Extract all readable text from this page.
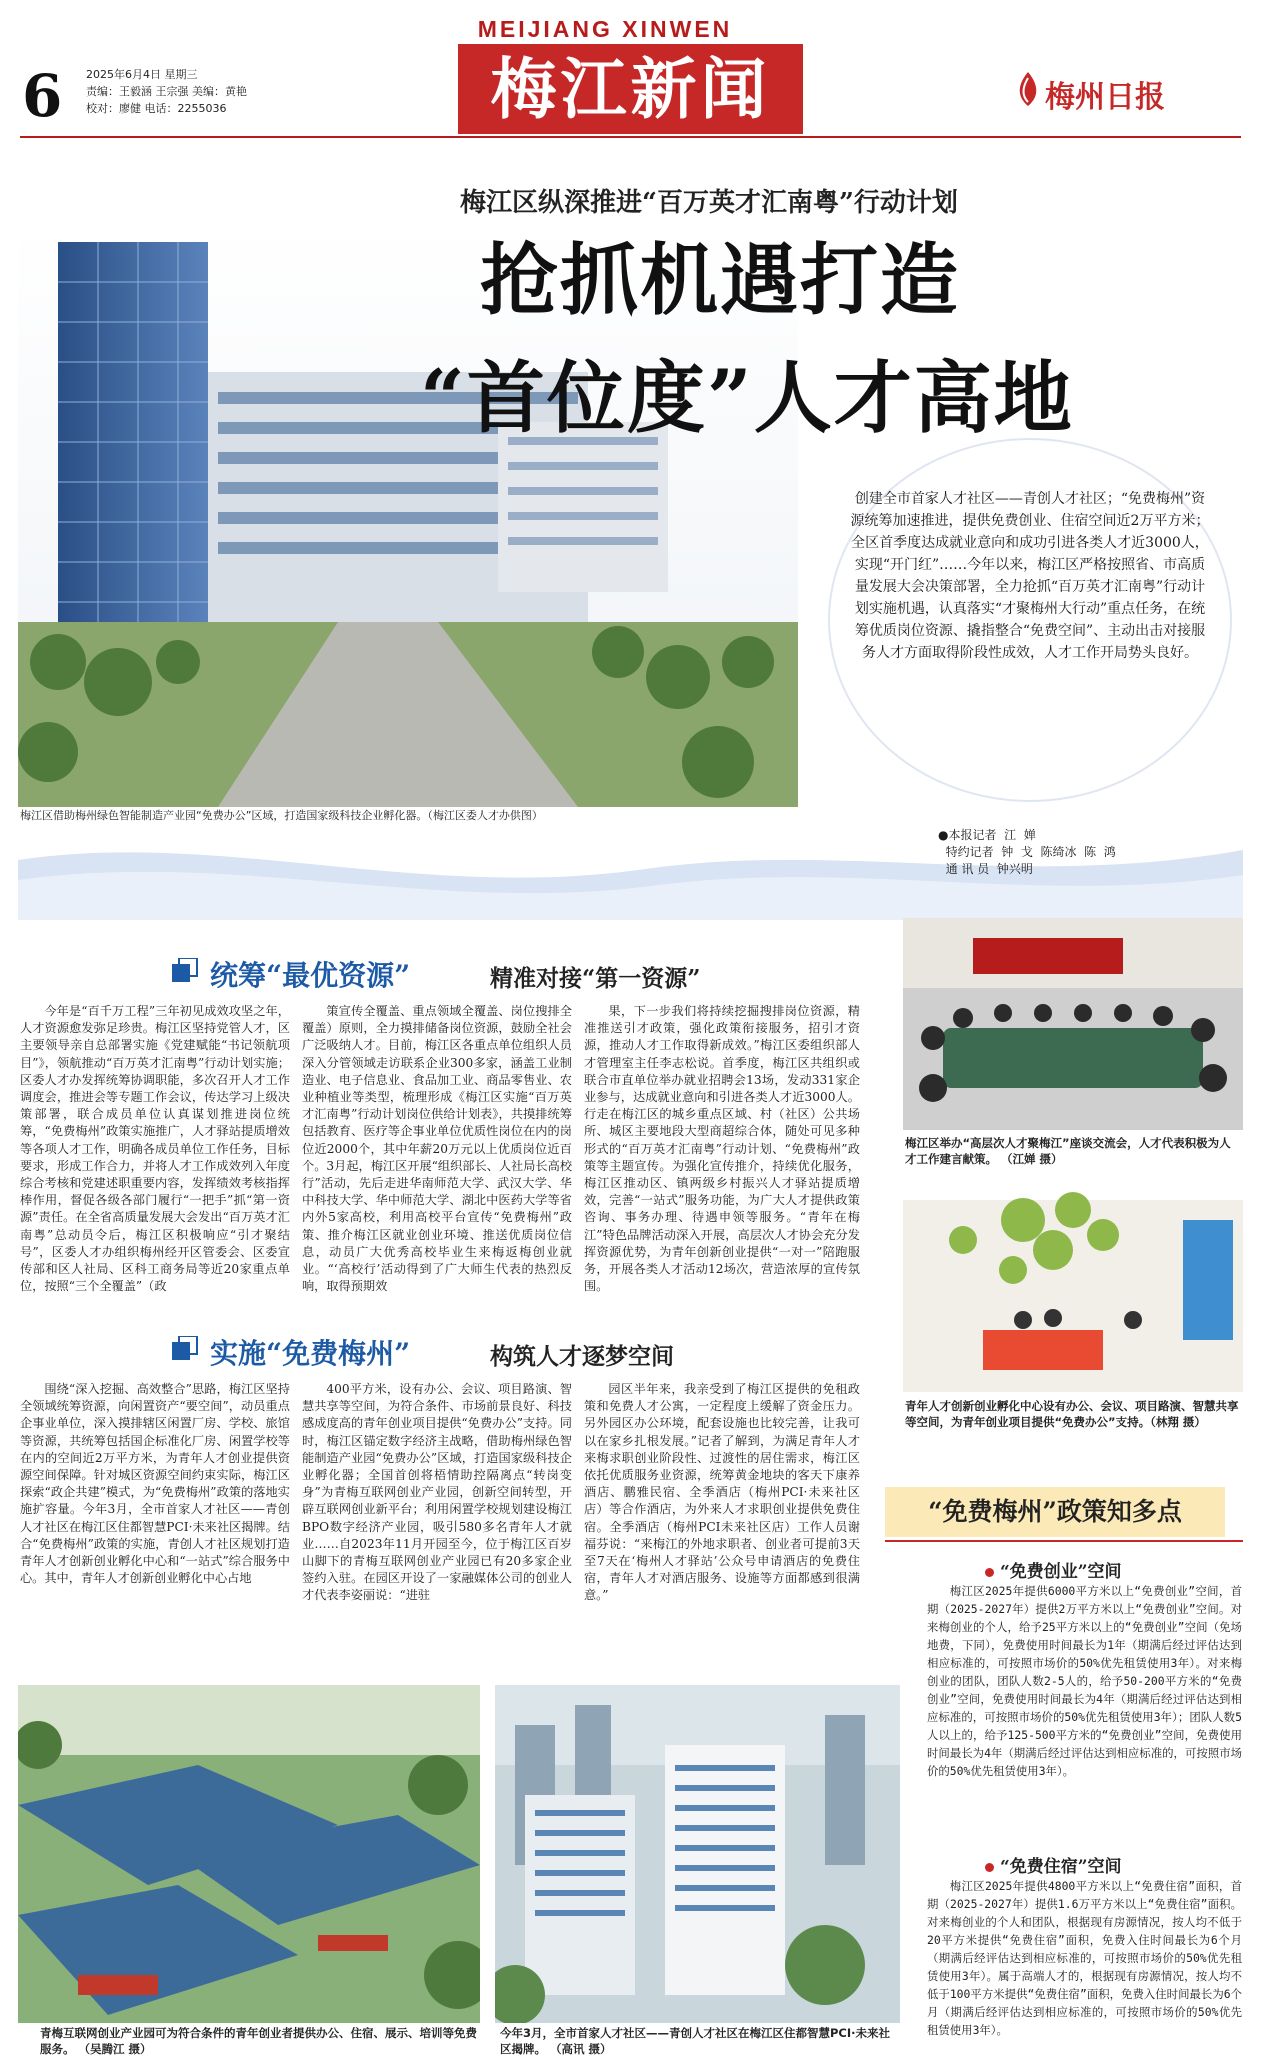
6 2025年6月4日 星期三
责编：王毅涵 王宗强 美编：黄艳
校对：廖健 电话：2255036
MEIJIANG XINWEN
梅江新闻	梅州日报
梅江区借助梅州绿色智能制造产业园“免费办公”区域，打造国家级科技企业孵化器。（梅江区委人才办供图）
梅江区纵深推进“百万英才汇南粤”行动计划
抢抓机遇打造
“首位度”人才高地
创建全市首家人才社区——青创人才社区；“免费梅州”资源统筹加速推进，提供免费创业、住宿空间近2万平方米；全区首季度达成就业意向和成功引进各类人才近3000人，实现“开门红”……今年以来，梅江区严格按照省、市高质量发展大会决策部署，全力抢抓“百万英才汇南粤”行动计划实施机遇，认真落实“才聚梅州大行动”重点任务，在统筹优质岗位资源、撬指整合“免费空间”、主动出击对接服务人才方面取得阶段性成效，人才工作开局势头良好。
●本报记者  江  婵
特约记者  钟  戈  陈绮冰  陈  鸿
通 讯 员  钟兴明
统筹“最优资源”	精准对接“第一资源”

今年是“百千万工程”三年初见成效攻坚之年，人才资源愈发弥足珍贵。梅江区坚持党管人才，区主要领导亲自总部署实施《党建赋能“书记领航项目”》，领航推动“百万英才汇南粤”行动计划实施；区委人才办发挥统筹协调职能，多次召开人才工作调度会，推进会等专题工作会议，传达学习上级决策部署，联合成员单位认真谋划推进岗位统筹，“免费梅州”政策实施推广，人才驿站提质增效等各项人才工作，明确各成员单位工作任务，目标要求，形成工作合力，并将人才工作成效列入年度综合考核和党建述职重要内容，发挥绩效考核指挥棒作用，督促各级各部门履行“一把手”抓“第一资源”责任。在全省高质量发展大会发出“百万英才汇南粤”总动员令后，梅江区积极响应“引才聚结号”，区委人才办组织梅州经开区管委会、区委宣传部和区人社局、区科工商务局等近20家重点单位，按照“三个全覆盖”（政

策宣传全覆盖、重点领域全覆盖、岗位搜排全覆盖）原则，全力摸排储备岗位资源，鼓励全社会广泛吸纳人才。目前，梅江区各重点单位组织人员深入分管领域走访联系企业300多家，涵盖工业制造业、电子信息业、食品加工业、商品零售业、农业种植业等类型，梳理形成《梅江区实施“百万英才汇南粤”行动计划岗位供给计划表》，共摸排统筹包括教育、医疗等企事业单位优质性岗位在内的岗位近2000个，其中年薪20万元以上优质岗位近百个。3月起，梅江区开展“组织部长、人社局长高校行”活动，先后走进华南师范大学、武汉大学、华中科技大学、华中师范大学、湖北中医药大学等省内外5家高校，利用高校平台宣传“免费梅州”政策、推介梅江区就业创业环境、推送优质岗位信息，动员广大优秀高校毕业生来梅返梅创业就业。“‘高校行’活动得到了广大师生代表的热烈反响，取得预期效

果，下一步我们将持续挖掘搜排岗位资源，精准推送引才政策，强化政策衔接服务，招引才资源，推动人才工作取得新成效。”梅江区委组织部人才管理室主任李志松说。首季度，梅江区共组织或联合市直单位举办就业招聘会13场，发动331家企业参与，达成就业意向和引进各类人才近3000人。行走在梅江区的城乡重点区域、村（社区）公共场所、城区主要地段大型商超综合体，随处可见多种形式的“百万英才汇南粤”行动计划、“免费梅州”政策等主题宣传。为强化宣传推介，持续优化服务，梅江区推动区、镇两级乡村振兴人才驿站提质增效，完善“一站式”服务功能，为广大人才提供政策咨询、事务办理、待遇申领等服务。“青年在梅江”特色品牌活动深入开展，高层次人才协会充分发挥资源优势，为青年创新创业提供“一对一”陪跑服务，开展各类人才活动12场次，营造浓厚的宣传氛围。

实施“免费梅州”	构筑人才逐梦空间

围绕“深入挖掘、高效整合”思路，梅江区坚持全领域统筹资源，向闲置资产“要空间”，动员重点企事业单位，深入摸排辖区闲置厂房、学校、旅馆等资源，共统筹包括国企标准化厂房、闲置学校等在内的空间近2万平方米，为青年人才创业提供资源空间保障。针对城区资源空间约束实际，梅江区探索“政企共建”模式，为“免费梅州”政策的落地实施扩容量。今年3月，全市首家人才社区——青创人才社区在梅江区住都智慧PCI·未来社区揭牌。结合“免费梅州”政策的实施，青创人才社区规划打造青年人才创新创业孵化中心和“一站式”综合服务中心。其中，青年人才创新创业孵化中心占地

400平方米，设有办公、会议、项目路演、智慧共享等空间，为符合条件、市场前景良好、科技感成度高的青年创业项目提供“免费办公”支持。同时，梅江区锚定数字经济主战略，借助梅州绿色智能制造产业园“免费办公”区域，打造国家级科技企业孵化器；全国首创将梧情助控隔离点“转岗变身”为青梅互联网创业产业园，创新空间转型，开辟互联网创业新平台；利用闲置学校规划建设梅江BPO数字经济产业园，吸引580多名青年人才就业……自2023年11月开园至今，位于梅江区百岁山脚下的青梅互联网创业产业园已有20多家企业签约入驻。在园区开设了一家融媒体公司的创业人才代表李姿丽说：“进驻

园区半年来，我亲受到了梅江区提供的免租政策和免费人才公寓，一定程度上缓解了资金压力。另外园区办公环境，配套设施也比较完善，让我可以在家乡扎根发展。”记者了解到，为满足青年人才来梅求职创业阶段性、过渡性的居住需求，梅江区依托优质服务业资源，统筹黄金地块的客天下康养酒店、鹏雅民宿、全季酒店（梅州PCI·未来社区店）等合作酒店，为外来人才求职创业提供免费住宿。全季酒店（梅州PCI未来社区店）工作人员谢福芬说：“来梅江的外地求职者、创业者可提前3天至7天在‘梅州人才驿站’公众号申请酒店的免费住宿，青年人才对酒店服务、设施等方面都感到很满意。”

梅江区举办“高层次人才聚梅江”座谈交流会，人才代表积极为人才工作建言献策。 （江婵 摄）
青年人才创新创业孵化中心设有办公、会议、项目路演、智慧共享等空间，为青年创业项目提供“免费办公”支持。（林翔 摄）
“免费梅州”政策知多点
“免费创业”空间

梅江区2025年提供6000平方米以上“免费创业”空间，首期（2025-2027年）提供2万平方米以上“免费创业”空间。对来梅创业的个人，给予25平方米以上的“免费创业”空间（免场地费，下同），免费使用时间最长为1年（期满后经过评估达到相应标准的，可按照市场价的50%优先租赁使用3年）。对来梅创业的团队，团队人数2-5人的，给予50-200平方米的“免费创业”空间，免费使用时间最长为4年（期满后经过评估达到相应标准的，可按照市场价的50%优先租赁使用3年）；团队人数5人以上的，给予125-500平方米的“免费创业”空间，免费使用时间最长为4年（期满后经过评估达到相应标准的，可按照市场价的50%优先租赁使用3年）。

“免费住宿”空间

梅江区2025年提供4800平方米以上“免费住宿”面积，首期（2025-2027年）提供1.6万平方米以上“免费住宿”面积。对来梅创业的个人和团队，根据现有房源情况，按人均不低于20平方米提供“免费住宿”面积，免费入住时间最长为6个月（期满后经评估达到相应标准的，可按照市场价的50%优先租赁使用3年）。属于高端人才的，根据现有房源情况，按人均不低于100平方米提供“免费住宿”面积，免费入住时间最长为6个月（期满后经评估达到相应标准的，可按照市场价的50%优先租赁使用3年）。

青梅互联网创业产业园可为符合条件的青年创业者提供办公、住宿、展示、培训等免费服务。 （吴腾江 摄）
今年3月，全市首家人才社区——青创人才社区在梅江区住都智慧PCI·未来社区揭牌。 （高讯 摄）
